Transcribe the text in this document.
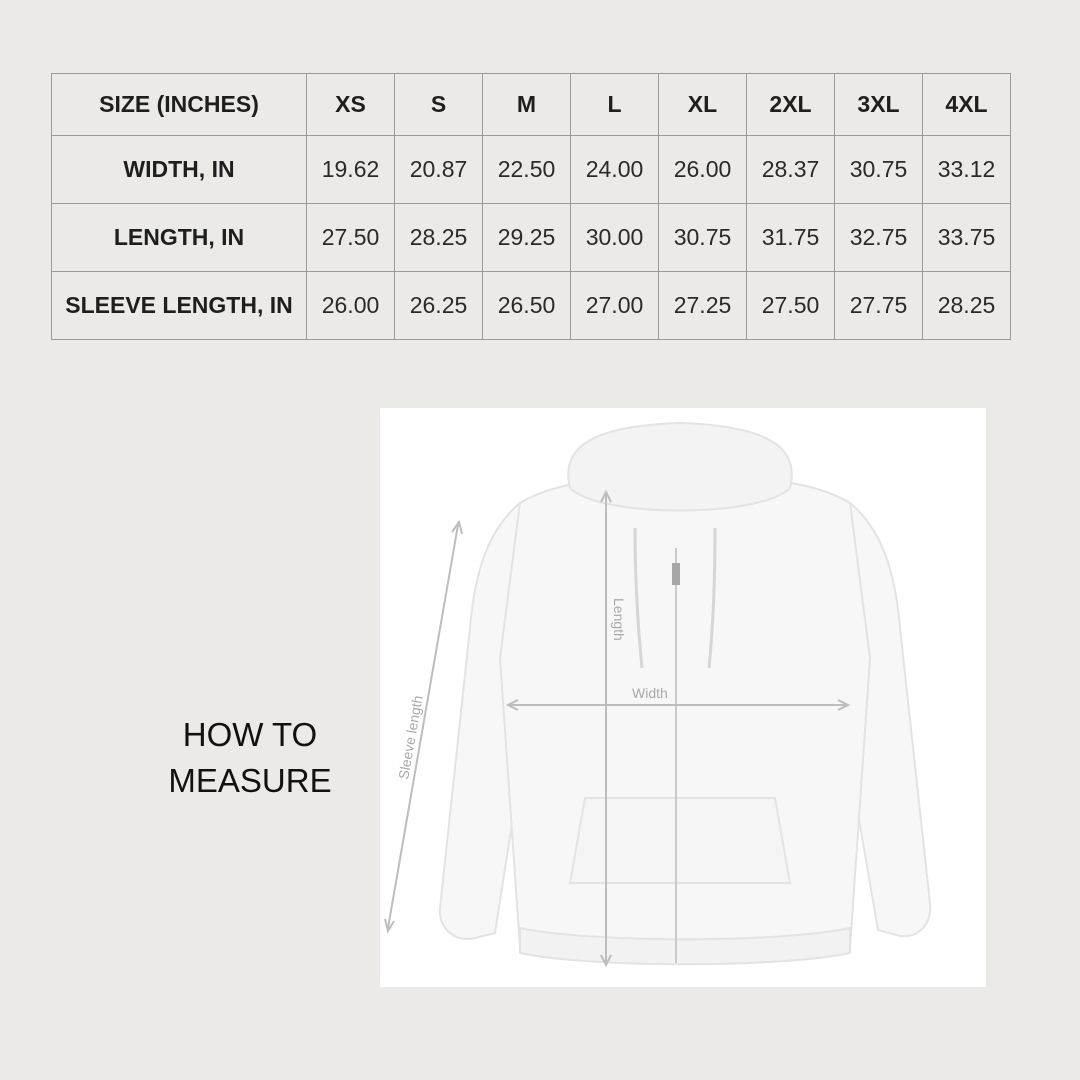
SIZE (INCHES)	XS	S	M	L	XL	2XL	3XL	4XL
WIDTH, IN	19.62	20.87	22.50	24.00	26.00	28.37	30.75	33.12
LENGTH, IN	27.50	28.25	29.25	30.00	30.75	31.75	32.75	33.75
SLEEVE LENGTH, IN	26.00	26.25	26.50	27.00	27.25	27.50	27.75	28.25
HOW TO
MEASURE
Length
Width
Sleeve length
